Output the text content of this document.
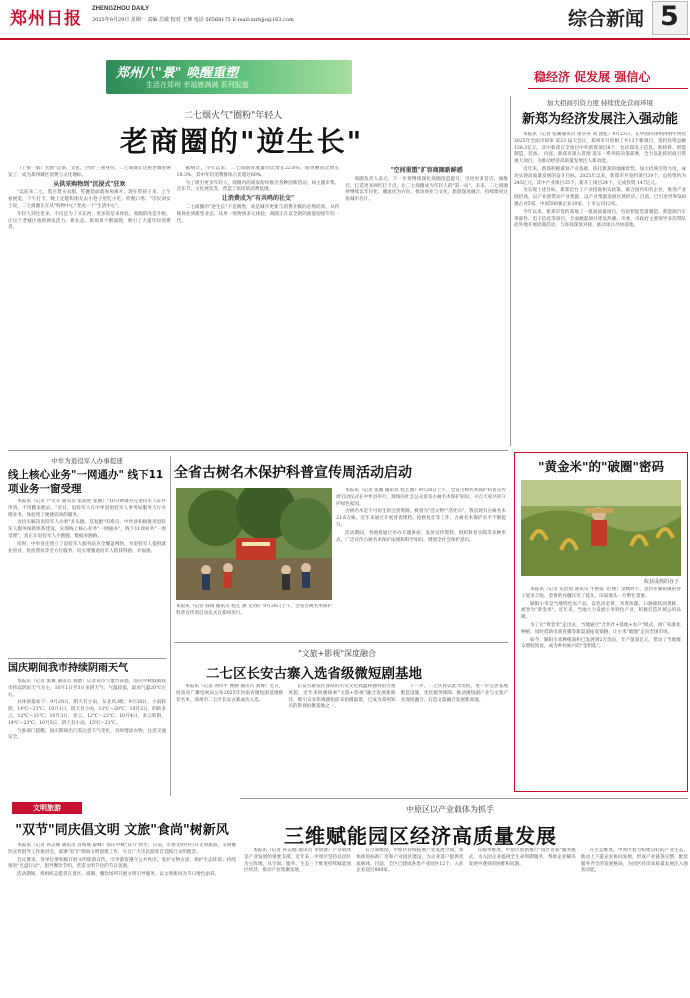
郑州日报 ZHENGZHOU DAILY
2025年9月29日 星期一 责编 岳敏 校对 王坤 电话 56568175 E-mail:zzrbjjs@163.com	综合新闻 5
郑州八"景" 唤醒重塑
生活在郑州 幸福感满满 系列报道
稳经济 促发展 强信心
加大招商引资力度 持续优化营商环境
新郑为经济发展注入强动能

本报讯（记者 张翼通讯员 梁崇英 刘 敦乾）9月23日，在中国四津州四纳中到投2025年全面市研审 第23 届大会议，郑州市开创相了共13个新项目，签约投资总额138.3亿元，其中新郑在全项目中外新资项目8个，包括郑电子信息、新材料、智能制造、装备、 内容，新郑市深入贯彻 落实一系列的决策部署，全力以赴抓招商引资重大项目，为推动经济高质量发展注入新动能。

近年来，新郑积极谋划产业基础，依托新郑的地缘优势，加大招商引资力度，成功实现高质量发展的奋斗目标。2025年以来，新郑市共签约项目39个，总投资约为245亿元，其中产业项目35个，新开工项目24个，完成投资 147亿元。

为实现上述目标，新郑出台了产业招商相关政策，联合国内知名企业，推进产业链招商，以产业链带动产业集群，以产业集群发展区域经济。目前，已引进世界500强企业5家、中国500强企业10家，上市公司12家。

今年以来，新郑市签约落地了一批高质量项目，包括智能装备制造、新能源汽车零部件、电子信息等项目，全面掀起项目建设热潮。市委、市政府主要领导多次带队赴外地开展招商活动，与客商深度对接，推动项目尽快落地。

二七烟火气"圈粉"年轻人
老商圈的"逆生长"

（上接一版）凭新"边条、文化、空间"三重身份，二七商圈让这座老城里焕发了，成为郑州城区消费与文化地标。

从供采购物到"沉浸式"狂欢

"以前来二七，逛百货买衣服，吃碗烩面就匆匆离开；现在带孩子来，上午看展览，下午打卡，晚上还能和朋友去小巷子里吃小吃、听脱口秀。"市民刘女士说，二七商圈正在从"购物中心"变成一个"生活中心"。

年轻人到这里来，不仅是为了买东西，更多的是来体验。商圈的改造升级，让这个老城区重新焕发活力。新业态、新场景不断涌现，吸引了大量年轻消费者。

据统计，今年以来，二七商圈客流量同比增长22.6%，销售额同比增长18.3%，其中年轻消费群体占比超过60%。

为了吸引更多年轻人，商圈内的商家纷纷推出各种创新活动，如主题市集、音乐节、文化展览等，营造了浓厚的消费氛围。

让消费成为"有共鸣的社交"

二七商圈的"逆生长"不是偶然，而是城市更新与消费升级的必然结果。从传统商业到新型业态，从单一购物到多元体验，商圈正在以全新的面貌迎接年轻一代。

"空间重塑"扩容商圈新鲜感

商圈负责人表示，下一步将继续深化商圈改造提升，引进更多首店、旗舰店，打造更多网红打卡点，让二七商圈成为年轻人的"第一站"。未来，二七商圈将继续以年轻化、潮流化为方向，推动商业与文化、旅游深度融合，持续擦亮这张城市名片。

中牟为退役军人办事提速
线上核心业务"一网通办" 线下11项业务一窗受理

本报讯（记者 卢文军 通讯员 张骁艳 张丽）"10分钟就办完退役军人证件申请，不用跑来跑去。"近日，退役军人在中牟县退役军人事务局服务大厅办理业务，体验到了便捷高效的服务。

为切实解决退役军人办事"多头跑、反复跑"的难点，中牟县积极推进退役军人服务保障体系建设，实现线上核心业务"一网通办"，线下11项业务"一窗受理"，真正让退役军人少跑腿，数据多跑路。

同时，中牟县还建立了退役军人服务站点全覆盖网络，为退役军人提供就业创业、优抚帮扶等全方位服务，切实增强退役军人的获得感、幸福感。

国庆期间我市持续阴雨天气

本报讯（记者 张翼 通讯员 刘德）记者从市气象台获悉，国庆中秋假期我市将以阴雨天气为主，10月1日至3日多阴天气，气温较低，最高气温20℃左右。

具体预报如下：9月29日，阴天有小雨，东北风3级；9月30日，小雨转阴，14℃～21℃；10月1日，阴天有小雨，13℃～20℃；10月2日，阴转多云，12℃～21℃；10月3日，多云，12℃～22℃；10月4日，多云转阴，14℃～23℃；10月5日，阴天有小雨，15℃～21℃。

气象部门提醒，国庆期间出行需注意天气变化，及时增添衣物，注意交通安全。

文明旅游
"双节"同庆倡文明 文旅"食尚"树新风

本报讯（记者 孙志刚 通讯员 肖海燕 薛峰）国庆中秋"双节"将至，日前，市委文明办召开文明旅游、文明餐饮宣传倡导工作推进会，部署"双节"期间文明创建工作，号召广大市民游客自觉践行文明理念。

会议要求，各单位要积极开展文明旅游宣传，引导游客遵守公共秩序、爱护文物古迹、保护生态环境；持续推进"光盘行动"，倡导餐饮节约，营造文明节俭的节日氛围。

活动期间，将组织志愿者在景区、商圈、餐饮场所开展文明引导服务，以文明新风为节日增色添彩。

全省古树名木保护科普宣传周活动启动
本报讯（记者 韩瑞 通讯员 程艺 涵 文/图）9月28日上午，全省古树名木保护科普宣传周启动仪式在郑州举行。

本报讯（记者 张翼 通讯员 程艺涵）9月28日上午，全省古树名木保护科普宣传周启动仪式在中牟县举行，现场向社会公众普及古树名木保护知识，号召大家共同守护绿色家园。

古树名木是不可再生的宝贵资源，被誉为"活文物""活化石"。我省现有古树名木21.6万株，近年来通过开展普查建档、抢救复壮等工作，古树名木保护水平不断提升。

活动期间，各地将通过举办专题讲座、发放宣传资料、组织科普实践等多种形式，广泛宣传古树名木保护法规和科学知识，增强全社会保护意识。

"文旅+影视"深度融合
二七区长安古寨入选省级微短剧基地

本报讯（记者 刘伟平 曹静 通讯员 刘博）近日，河南省广播电视局公布2025年河南省微短剧基地推荐名单，郑州市二七区长安古寨成功入选。

长安古寨依托深厚的历史文化底蕴和独特的古建风貌，近年来积极探索"文旅+影视"融合发展新路径，吸引众多影视剧组前来拍摄取景，已成为郑州知名的影视拍摄基地之一。

下一步，二七区将以此为契机，进一步完善基地配套设施，优化服务保障，推动微短剧产业与文旅产业深度融合，打造文旅融合发展新高地。

"黄金米"的"破圈"密码
收获成熟的谷子

本报讯（记者 史治国 通讯员 牛艳霞 文/图）金秋时节，登封市颍阳镇的谷子迎来丰收，金黄的谷穗压弯了枝头，田间地头一片繁忙景象。

颍阳小米是当地特色农产品，以色泽金黄、米香浓郁、口感绵软而著称，被誉为"黄金米"。近年来，当地大力发展小米特色产业，积极打造区域公用品牌。

为了让"黄金米"走出去，当地通过"合作社+基地+农户"模式，推广标准化种植，同时借助电商直播等新渠道拓宽销路，让小米"破圈"走向全国市场。

如今，颍阳小米种植面积已发展到2万余亩，年产值超亿元，带动了当地群众增收致富，成为乡村振兴的"金钥匙"。

中原区以产业载体为抓手
三维赋能园区经济高质量发展

本报讯（记者 孙志刚 通讯员 李倩倩）产业载体是产业发展的重要支撑。近年来，中原区坚持以园区为主阵地，从空间、服务、生态三个维度持续赋能园区经济，推动产业集聚发展。

在空间维度，中原区持续拓展产业发展空间，加快推进标准厂房和产业园区建设，为企业落户提供优质载体。目前，全区已建成各类产业园区12个，入驻企业超过800家。

在服务维度，中原区创新推行"园区管家"服务模式，为入园企业提供全生命周期服务，帮助企业解决发展中遇到的困难和问题。

在生态维度，中原区着力构建良好的产业生态，推动上下游企业协同发展，形成产业链条完整、配套服务齐全的发展格局，为园区经济高质量发展注入强劲动能。
